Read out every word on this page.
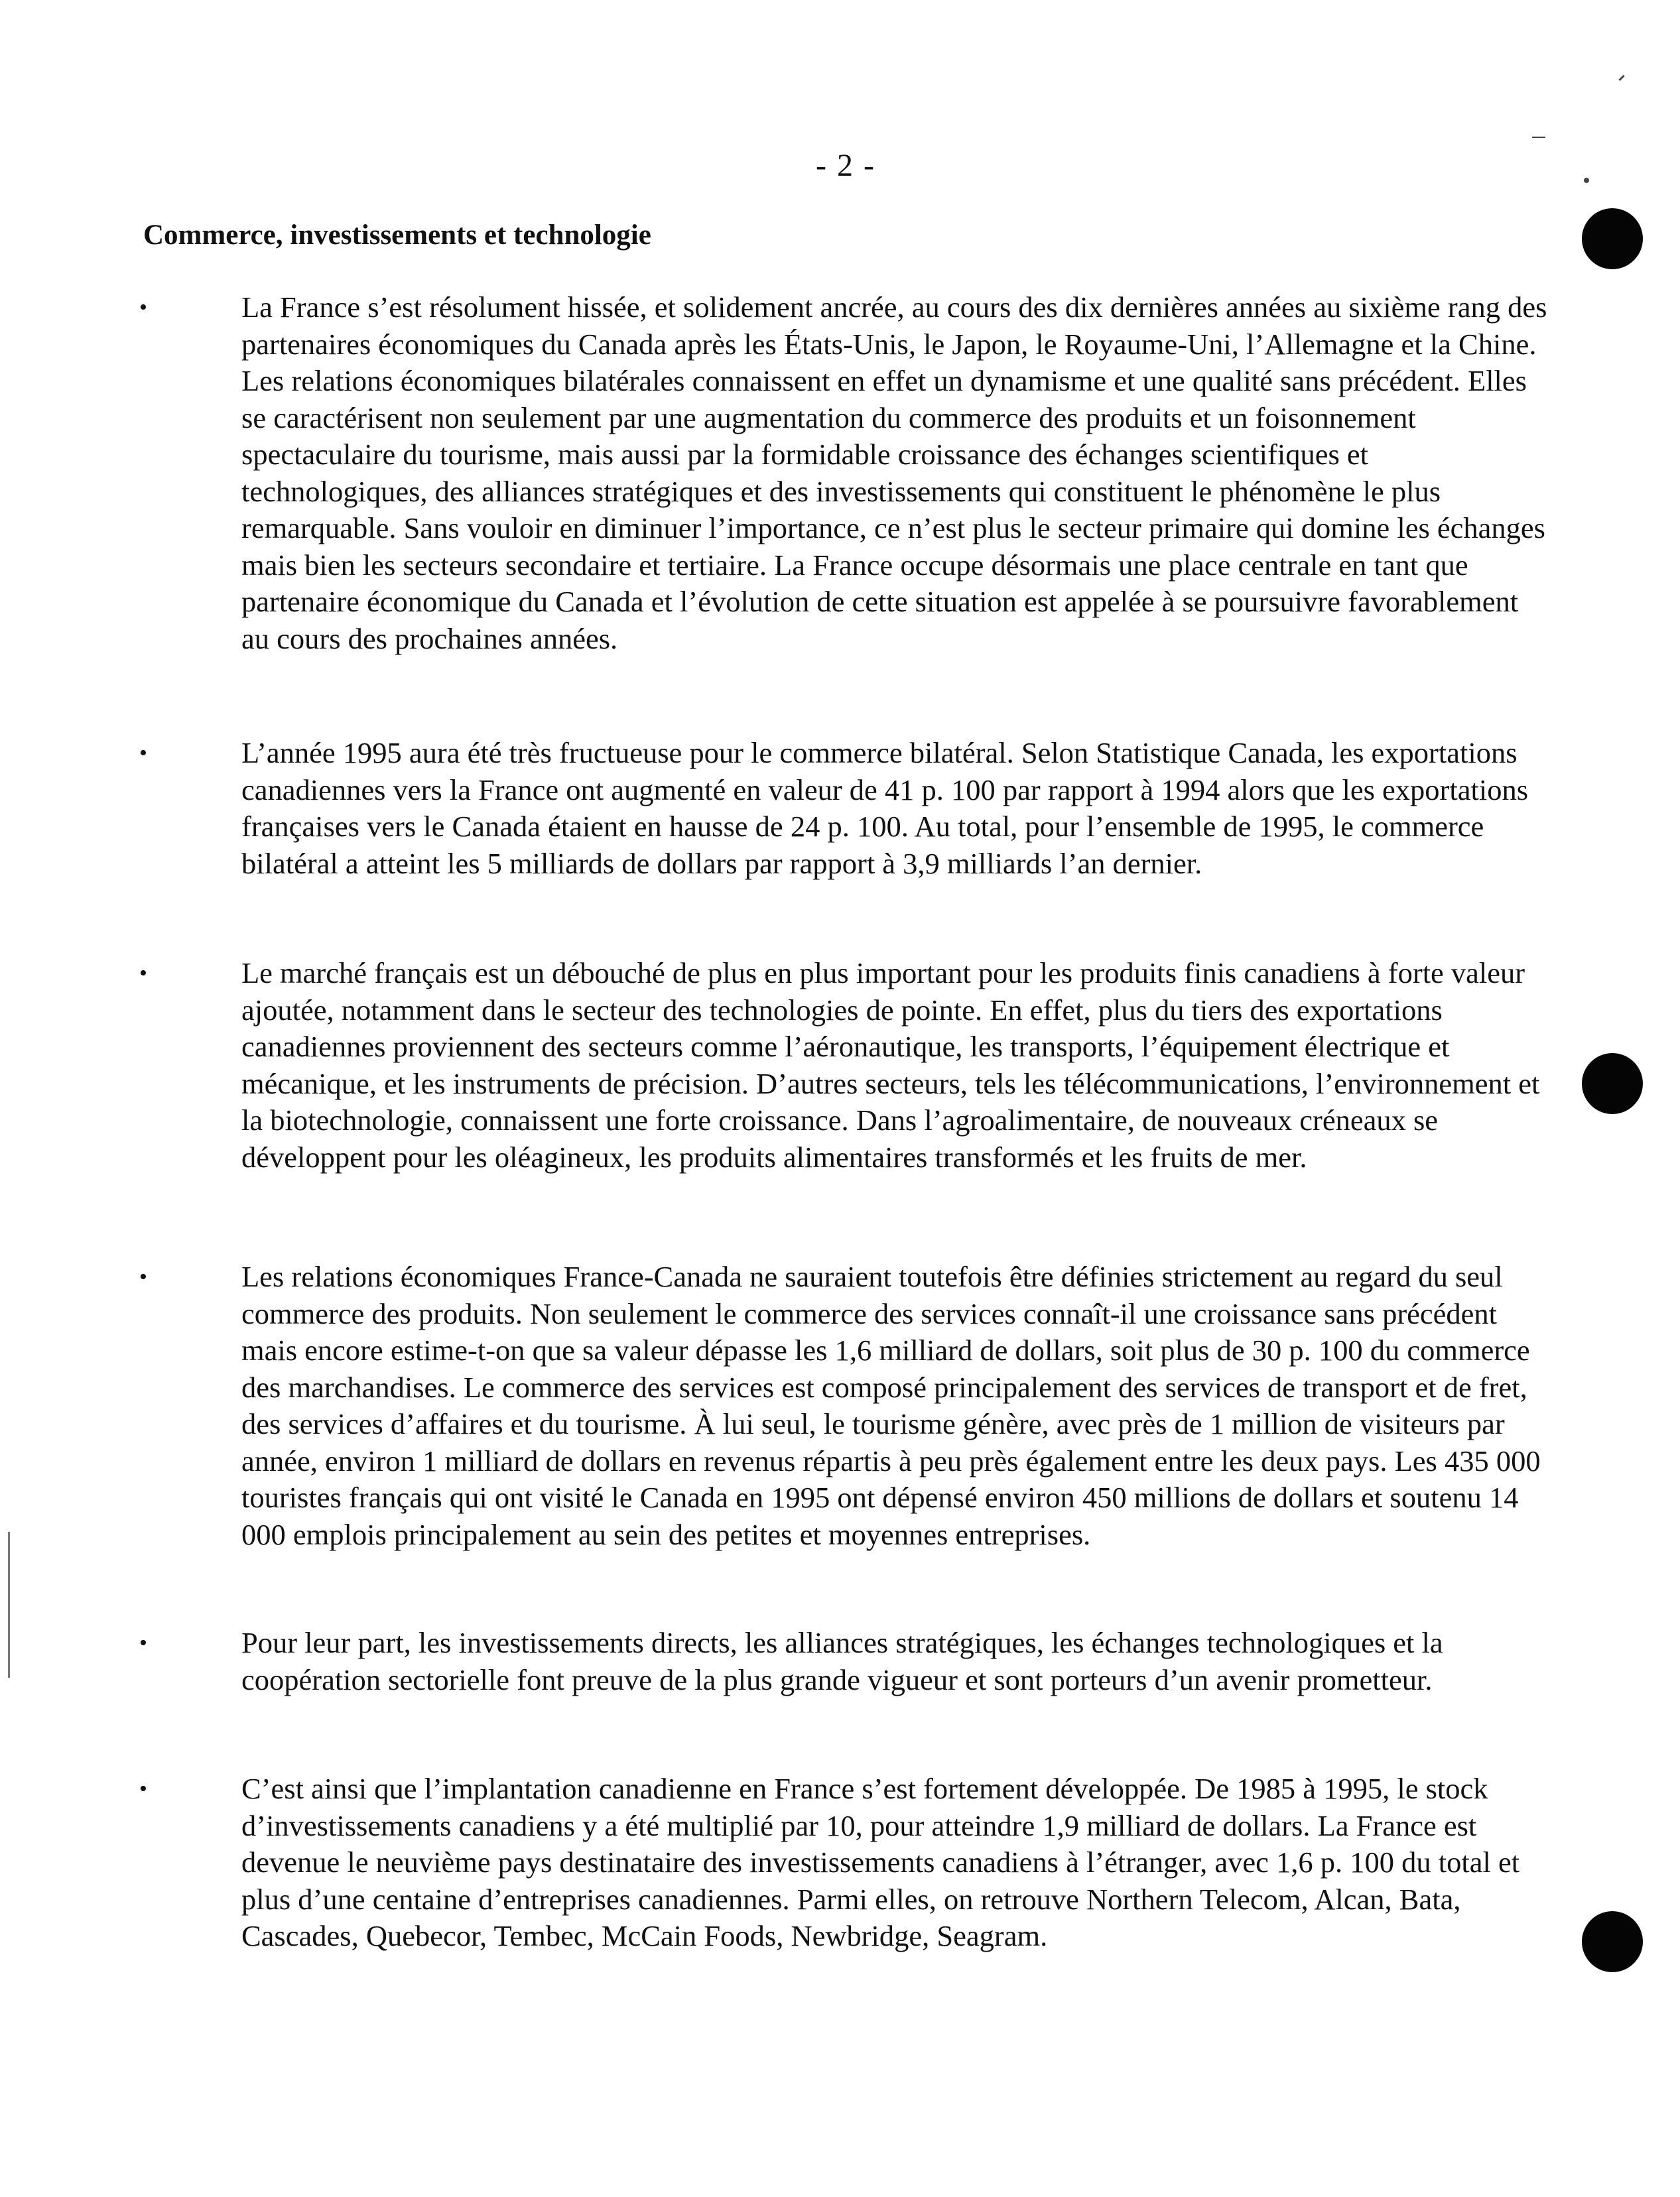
- 2 -
Commerce, investissements et technologie
•	La France s’est résolument hissée, et solidement ancrée, au cours des dix dernières années au sixième rang des partenaires économiques du Canada après les États-Unis, le Japon, le Royaume-Uni, l’Allemagne et la Chine. Les relations économiques bilatérales connaissent en effet un dynamisme et une qualité sans précédent. Elles se caractérisent non seulement par une augmentation du commerce des produits et un foisonnement spectaculaire du tourisme, mais aussi par la formidable croissance des échanges scientifiques et technologiques, des alliances stratégiques et des investissements qui constituent le phénomène le plus remarquable. Sans vouloir en diminuer l’importance, ce n’est plus le secteur primaire qui domine les échanges mais bien les secteurs secondaire et tertiaire. La France occupe désormais une place centrale en tant que partenaire économique du Canada et l’évolution de cette situation est appelée à se poursuivre favorablement au cours des prochaines années.

•	L’année 1995 aura été très fructueuse pour le commerce bilatéral. Selon Statistique Canada, les exportations canadiennes vers la France ont augmenté en valeur de 41 p. 100 par rapport à 1994 alors que les exportations françaises vers le Canada étaient en hausse de 24 p. 100. Au total, pour l’ensemble de 1995, le commerce bilatéral a atteint les 5 milliards de dollars par rapport à 3,9 milliards l’an dernier.

•	Le marché français est un débouché de plus en plus important pour les produits finis canadiens à forte valeur ajoutée, notamment dans le secteur des technologies de pointe. En effet, plus du tiers des exportations canadiennes proviennent des secteurs comme l’aéronautique, les transports, l’équipement électrique et mécanique, et les instruments de précision. D’autres secteurs, tels les télécommunications, l’environnement et la biotechnologie, connaissent une forte croissance. Dans l’agroalimentaire, de nouveaux créneaux se développent pour les oléagineux, les produits alimentaires transformés et les fruits de mer.

•	Les relations économiques France-Canada ne sauraient toutefois être définies strictement au regard du seul commerce des produits. Non seulement le commerce des services connaît-il une croissance sans précédent mais encore estime-t-on que sa valeur dépasse les 1,6 milliard de dollars, soit plus de 30 p. 100 du commerce des marchandises. Le commerce des services est composé principalement des services de transport et de fret, des services d’affaires et du tourisme. À lui seul, le tourisme génère, avec près de 1 million de visiteurs par année, environ 1 milliard de dollars en revenus répartis à peu près également entre les deux pays. Les 435 000 touristes français qui ont visité le Canada en 1995 ont dépensé environ 450 millions de dollars et soutenu 14 000 emplois principalement au sein des petites et moyennes entreprises.

•	Pour leur part, les investissements directs, les alliances stratégiques, les échanges technologiques et la coopération sectorielle font preuve de la plus grande vigueur et sont porteurs d’un avenir prometteur.

•	C’est ainsi que l’implantation canadienne en France s’est fortement développée. De 1985 à 1995, le stock d’investissements canadiens y a été multiplié par 10, pour atteindre 1,9 milliard de dollars. La France est devenue le neuvième pays destinataire des investissements canadiens à l’étranger, avec 1,6 p. 100 du total et plus d’une centaine d’entreprises canadiennes. Parmi elles, on retrouve Northern Telecom, Alcan, Bata, Cascades, Quebecor, Tembec, McCain Foods, Newbridge, Seagram.
